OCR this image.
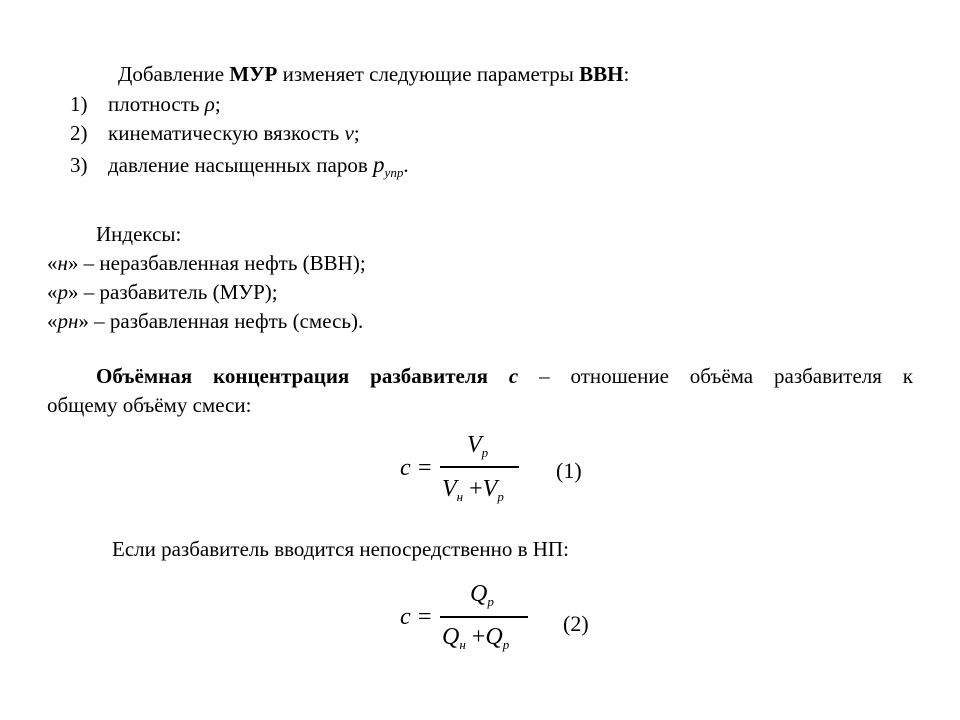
Добавление МУР изменяет следующие параметры ВВН:
1) плотность ρ;
2) кинематическую вязкость ν;
3) давление насыщенных паров $p_{упр}$.
Индексы:
«н» – неразбавленная нефть (ВВН);
«р» – разбавитель (МУР);
«рн» – разбавленная нефть (смесь).
Объёмная концентрация разбавителя c – отношение объёма разбавителя к
общему объёму смеси:
c =
$V_р$
$V_н +V_р$
(1)
Если разбавитель вводится непосредственно в НП:
c =
$Q_р$
$Q_н +Q_р$
(2)
